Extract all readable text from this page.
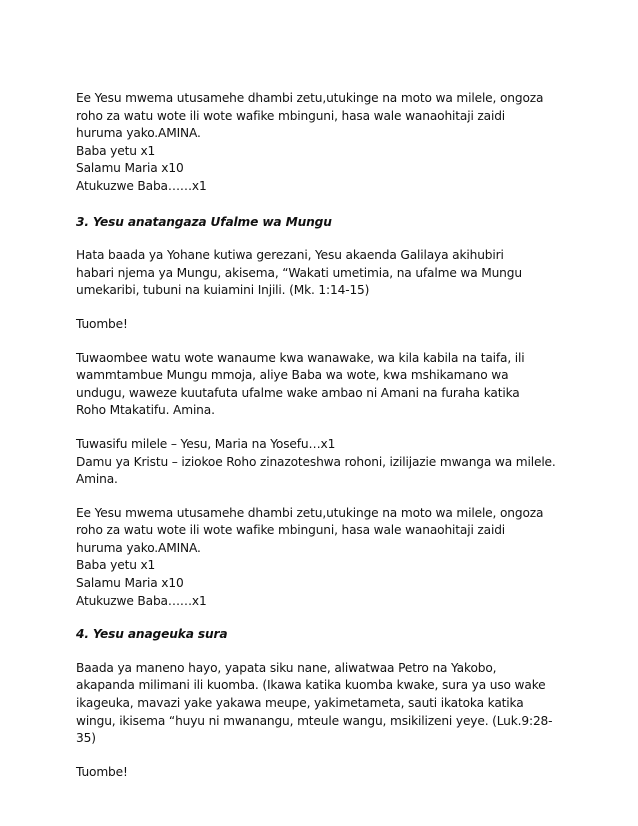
Ee Yesu mwema utusamehe dhambi zetu,utukinge na moto wa milele, ongoza
roho za watu wote ili wote wafike mbinguni, hasa wale wanaohitaji zaidi
huruma yako.AMINA.
Baba yetu x1
Salamu Maria x10
Atukuzwe Baba……x1
3. Yesu anatangaza Ufalme wa Mungu
Hata baada ya Yohane kutiwa gerezani, Yesu akaenda Galilaya akihubiri
habari njema ya Mungu, akisema, “Wakati umetimia, na ufalme wa Mungu
umekaribi, tubuni na kuiamini Injili. (Mk. 1:14-15)
Tuombe!
Tuwaombee watu wote wanaume kwa wanawake, wa kila kabila na taifa, ili
wammtambue Mungu mmoja, aliye Baba wa wote, kwa mshikamano wa
undugu, waweze kuutafuta ufalme wake ambao ni Amani na furaha katika
Roho Mtakatifu. Amina.
Tuwasifu milele – Yesu, Maria na Yosefu…x1
Damu ya Kristu – iziokoe Roho zinazoteshwa rohoni, izilijazie mwanga wa milele.
Amina.
Ee Yesu mwema utusamehe dhambi zetu,utukinge na moto wa milele, ongoza
roho za watu wote ili wote wafike mbinguni, hasa wale wanaohitaji zaidi
huruma yako.AMINA.
Baba yetu x1
Salamu Maria x10
Atukuzwe Baba……x1
4. Yesu anageuka sura
Baada ya maneno hayo, yapata siku nane, aliwatwaa Petro na Yakobo,
akapanda milimani ili kuomba. (Ikawa katika kuomba kwake, sura ya uso wake
ikageuka, mavazi yake yakawa meupe, yakimetameta, sauti ikatoka katika
wingu, ikisema “huyu ni mwanangu, mteule wangu, msikilizeni yeye. (Luk.9:28-
35)
Tuombe!
